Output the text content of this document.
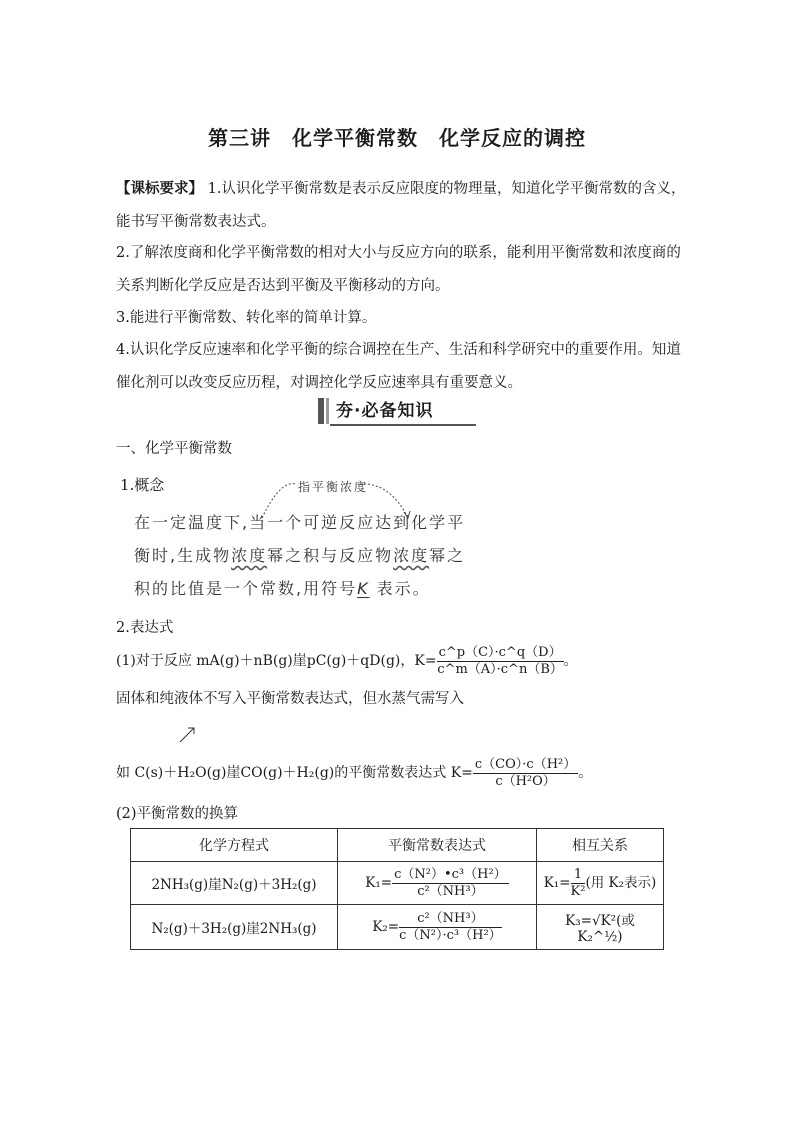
第三讲　化学平衡常数　化学反应的调控
【课标要求】 1.认识化学平衡常数是表示反应限度的物理量，知道化学平衡常数的含义，能书写平衡常数表达式。
2.了解浓度商和化学平衡常数的相对大小与反应方向的联系，能利用平衡常数和浓度商的关系判断化学反应是否达到平衡及平衡移动的方向。
3.能进行平衡常数、转化率的简单计算。
4.认识化学反应速率和化学平衡的综合调控在生产、生活和科学研究中的重要作用。知道催化剂可以改变反应历程，对调控化学反应速率具有重要意义。
夯·必备知识
一、化学平衡常数
1.概念	指平衡浓度
在一定温度下,当一个可逆反应达到化学平
衡时,生成物浓度幂之积与反应物浓度幂之
积的比值是一个常数,用符号K 表示。
2.表达式
(1)对于反应 mA(g)＋nB(g)崖pC(g)＋qD(g)，$K= \frac{c\^{}p(C)\cdot c\^{}q(D)}{c\^{}m(A)\cdot c\^{}n(B)}$ 。
固体和纯液体不写入平衡常数表达式，但水蒸气需写入
如 C(s)＋H₂O(g)崖CO(g)＋H₂(g)的平衡常数表达式 $K= \frac{\text{c（CO）·c（H²）}}{\text{c（H²O）}}$ 。
(2)平衡常数的换算
化学方程式	平衡常数表达式	相互关系
2NH₃(g)崖N₂(g)＋3H₂(g)	$K_1= \frac{\text{c（N²）•c³（H²）}}{\text{c²（NH³）}}$	$K_1= \frac{1}{\text{K²}}$ (用 K₂表示)
N₂(g)＋3H₂(g)崖2NH₃(g)	$K_2= \frac{\text{c²（NH³）}}{\text{c（N²）·c³（H²）}}$	K₃=√K²(或 K₂^½)
